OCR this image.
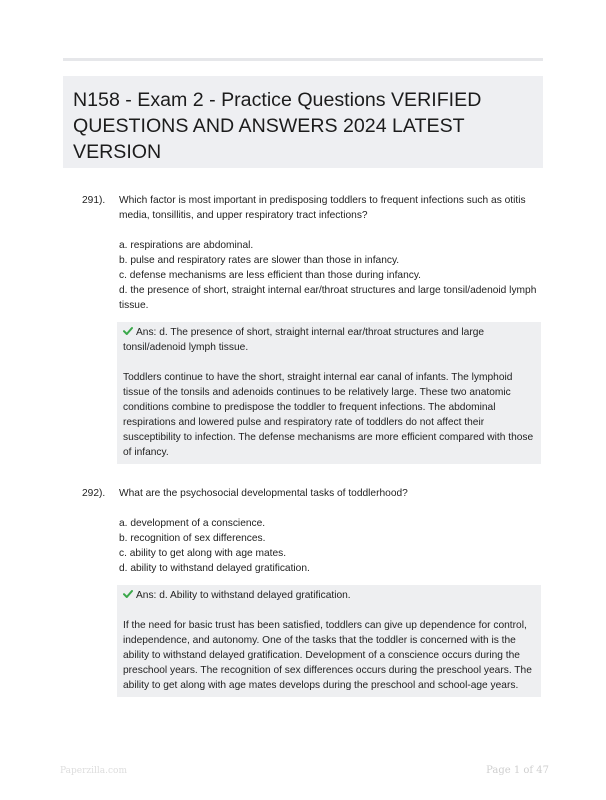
N158 - Exam 2 - Practice Questions VERIFIED QUESTIONS AND ANSWERS 2024 LATEST VERSION
291). Which factor is most important in predisposing toddlers to frequent infections such as otitis media, tonsillitis, and upper respiratory tract infections?

a. respirations are abdominal.
b. pulse and respiratory rates are slower than those in infancy.
c. defense mechanisms are less efficient than those during infancy.
d. the presence of short, straight internal ear/throat structures and large tonsil/adenoid lymph tissue.

Ans: d. The presence of short, straight internal ear/throat structures and large tonsil/adenoid lymph tissue.

Toddlers continue to have the short, straight internal ear canal of infants. The lymphoid tissue of the tonsils and adenoids continues to be relatively large. These two anatomic conditions combine to predispose the toddler to frequent infections. The abdominal respirations and lowered pulse and respiratory rate of toddlers do not affect their susceptibility to infection. The defense mechanisms are more efficient compared with those of infancy.

292). What are the psychosocial developmental tasks of toddlerhood?

a. development of a conscience.
b. recognition of sex differences.
c. ability to get along with age mates.
d. ability to withstand delayed gratification.

Ans: d. Ability to withstand delayed gratification.

If the need for basic trust has been satisfied, toddlers can give up dependence for control, independence, and autonomy. One of the tasks that the toddler is concerned with is the ability to withstand delayed gratification. Development of a conscience occurs during the preschool years. The recognition of sex differences occurs during the preschool years. The ability to get along with age mates develops during the preschool and school-age years.

Paperzilla.com	Page 1 of 47
